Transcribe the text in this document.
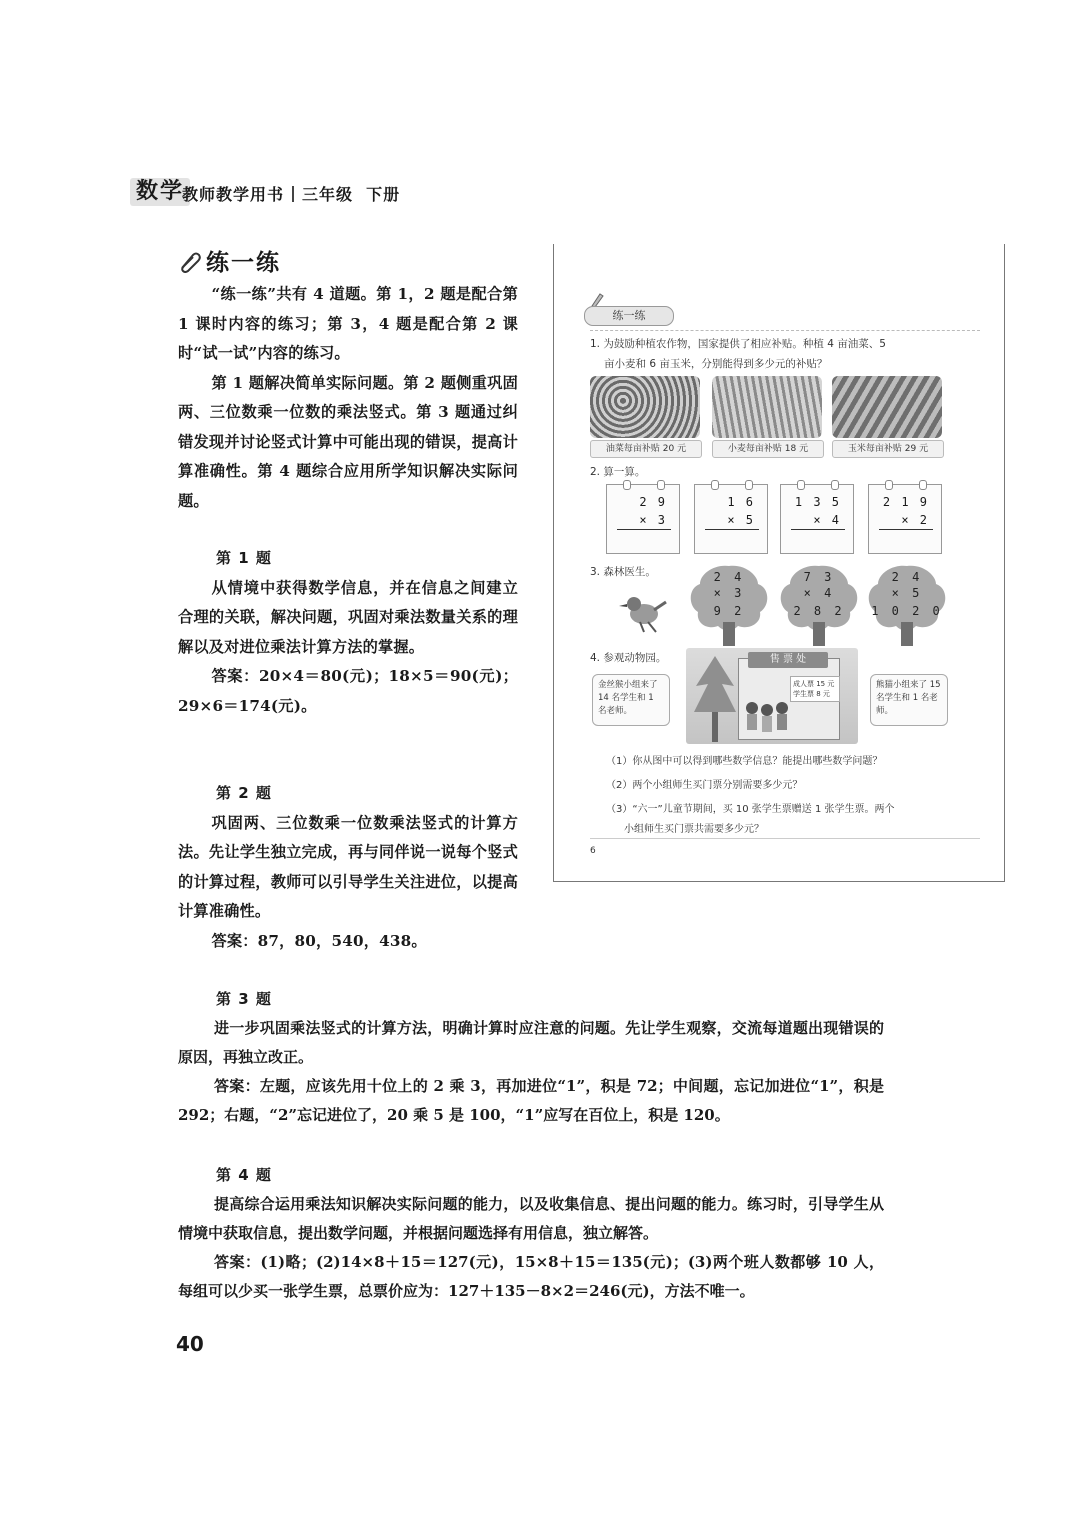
数学
教师教学用书 三年级 下册
练一练

“练一练”共有 4 道题。第 1，2 题是配合第 1 课时内容的练习；第 3，4 题是配合第 2 课时“试一试”内容的练习。

第 1 题解决简单实际问题。第 2 题侧重巩固两、三位数乘一位数的乘法竖式。第 3 题通过纠错发现并讨论竖式计算中可能出现的错误，提高计算准确性。第 4 题综合应用所学知识解决实际问题。

第 1 题

从情境中获得数学信息，并在信息之间建立合理的关联，解决问题，巩固对乘法数量关系的理解以及对进位乘法计算方法的掌握。

答案：20×4＝80(元)；18×5＝90(元)；29×6＝174(元)。

第 2 题

巩固两、三位数乘一位数乘法竖式的计算方法。先让学生独立完成，再与同伴说一说每个竖式的计算过程，教师可以引导学生关注进位，以提高计算准确性。

答案：87，80，540，438。

第 3 题

进一步巩固乘法竖式的计算方法，明确计算时应注意的问题。先让学生观察，交流每道题出现错误的原因，再独立改正。

答案：左题，应该先用十位上的 2 乘 3，再加进位“1”，积是 72；中间题，忘记加进位“1”，积是 292；右题，“2”忘记进位了，20 乘 5 是 100，“1”应写在百位上，积是 120。

第 4 题

提高综合运用乘法知识解决实际问题的能力，以及收集信息、提出问题的能力。练习时，引导学生从情境中获取信息，提出数学问题，并根据问题选择有用信息，独立解答。

答案：(1)略；(2)14×8＋15＝127(元)，15×8＋15＝135(元)；(3)两个班人数都够 10 人，每组可以少买一张学生票，总票价应为：127＋135－8×2＝246(元)，方法不唯一。

40
练一练
1. 为鼓励种植农作物，国家提供了相应补贴。种植 4 亩油菜、5
亩小麦和 6 亩玉米，分别能得到多少元的补贴？
油菜每亩补贴 20 元	小麦每亩补贴 18 元	玉米每亩补贴 29 元
2. 算一算。
2 9
× 3
1 6
× 5
1 3 5
× 4
2 1 9
× 2
3. 森林医生。	2 4
× 3
9 2
7 3
× 4
2 8 2
2 4
× 5
1 0 2 0
4. 参观动物园。	售 票 处
成人票 15 元 学生票 8 元
金丝猴小组来了 14 名学生和 1 名老师。
熊猫小组来了 15 名学生和 1 名老师。
（1）你从图中可以得到哪些数学信息？能提出哪些数学问题？
（2）两个小组师生买门票分别需要多少元？
（3）“六一”儿童节期间，买 10 张学生票赠送 1 张学生票。两个
小组师生买门票共需要多少元？
6
